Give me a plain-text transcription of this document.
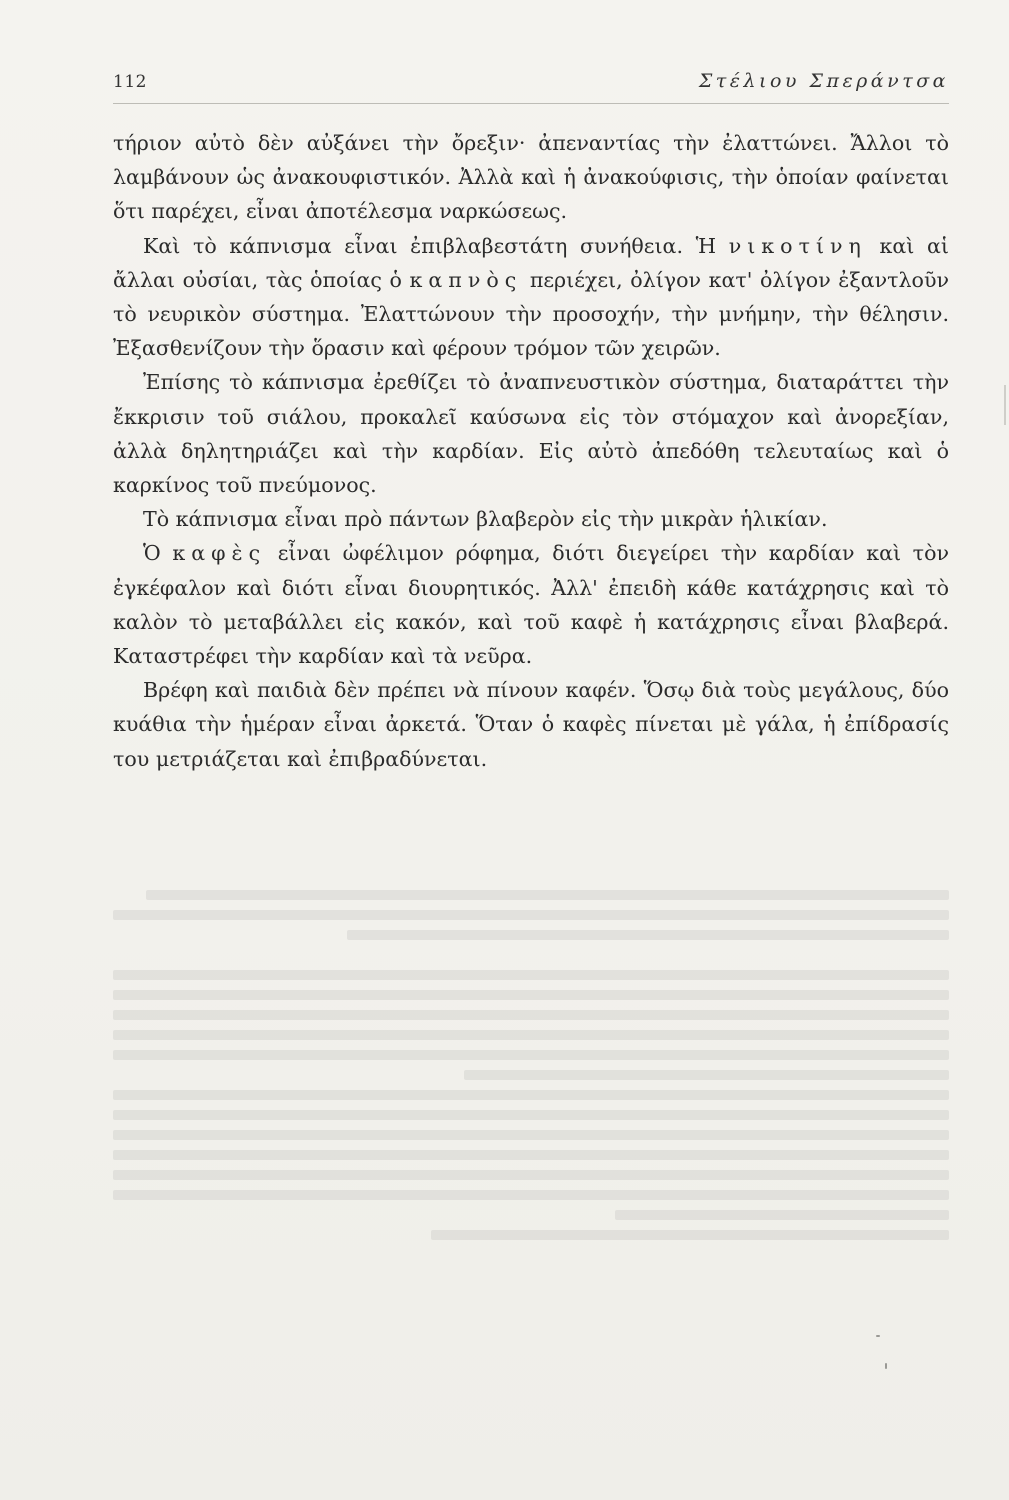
112	Στέλιου Σπεράντσα

τήριον αὐτὸ δὲν αὐξάνει τὴν ὄρεξιν· ἀπεναντίας τὴν ἐλαττώνει. Ἄλλοι τὸ λαμβάνουν ὡς ἀνακουφιστικόν. Ἀλλὰ καὶ ἡ ἀνακούφισις, τὴν ὁποίαν φαίνεται ὅτι παρέχει, εἶναι ἀποτέλεσμα ναρκώσεως.

Καὶ τὸ κάπνισμα εἶναι ἐπιβλαβεστάτη συνήθεια. Ἡ νικοτίνη καὶ αἱ ἄλλαι οὐσίαι, τὰς ὁποίας ὁ καπνὸς περιέχει, ὀλίγον κατ' ὀλίγον ἐξαντλοῦν τὸ νευρικὸν σύστημα. Ἐλαττώνουν τὴν προσοχήν, τὴν μνήμην, τὴν θέλησιν. Ἐξασθενίζουν τὴν ὅρασιν καὶ φέρουν τρόμον τῶν χειρῶν.

Ἐπίσης τὸ κάπνισμα ἐρεθίζει τὸ ἀναπνευστικὸν σύστημα, διαταράττει τὴν ἔκκρισιν τοῦ σιάλου, προκαλεῖ καύσωνα εἰς τὸν στόμαχον καὶ ἀνορεξίαν, ἀλλὰ δηλητηριάζει καὶ τὴν καρδίαν. Εἰς αὐτὸ ἀπεδόθη τελευταίως καὶ ὁ καρκίνος τοῦ πνεύμονος.

Τὸ κάπνισμα εἶναι πρὸ πάντων βλαβερὸν εἰς τὴν μικρὰν ἡλικίαν.

Ὁ καφὲς εἶναι ὠφέλιμον ρόφημα, διότι διεγείρει τὴν καρδίαν καὶ τὸν ἐγκέφαλον καὶ διότι εἶναι διουρητικός. Ἀλλ' ἐπειδὴ κάθε κατάχρησις καὶ τὸ καλὸν τὸ μεταβάλλει εἰς κακόν, καὶ τοῦ καφὲ ἡ κατάχρησις εἶναι βλαβερά. Καταστρέφει τὴν καρδίαν καὶ τὰ νεῦρα.

Βρέφη καὶ παιδιὰ δὲν πρέπει νὰ πίνουν καφέν. Ὅσῳ διὰ τοὺς μεγάλους, δύο κυάθια τὴν ἡμέραν εἶναι ἀρκετά. Ὅταν ὁ καφὲς πίνεται μὲ γάλα, ἡ ἐπίδρασίς του μετριάζεται καὶ ἐπιβραδύνεται.
